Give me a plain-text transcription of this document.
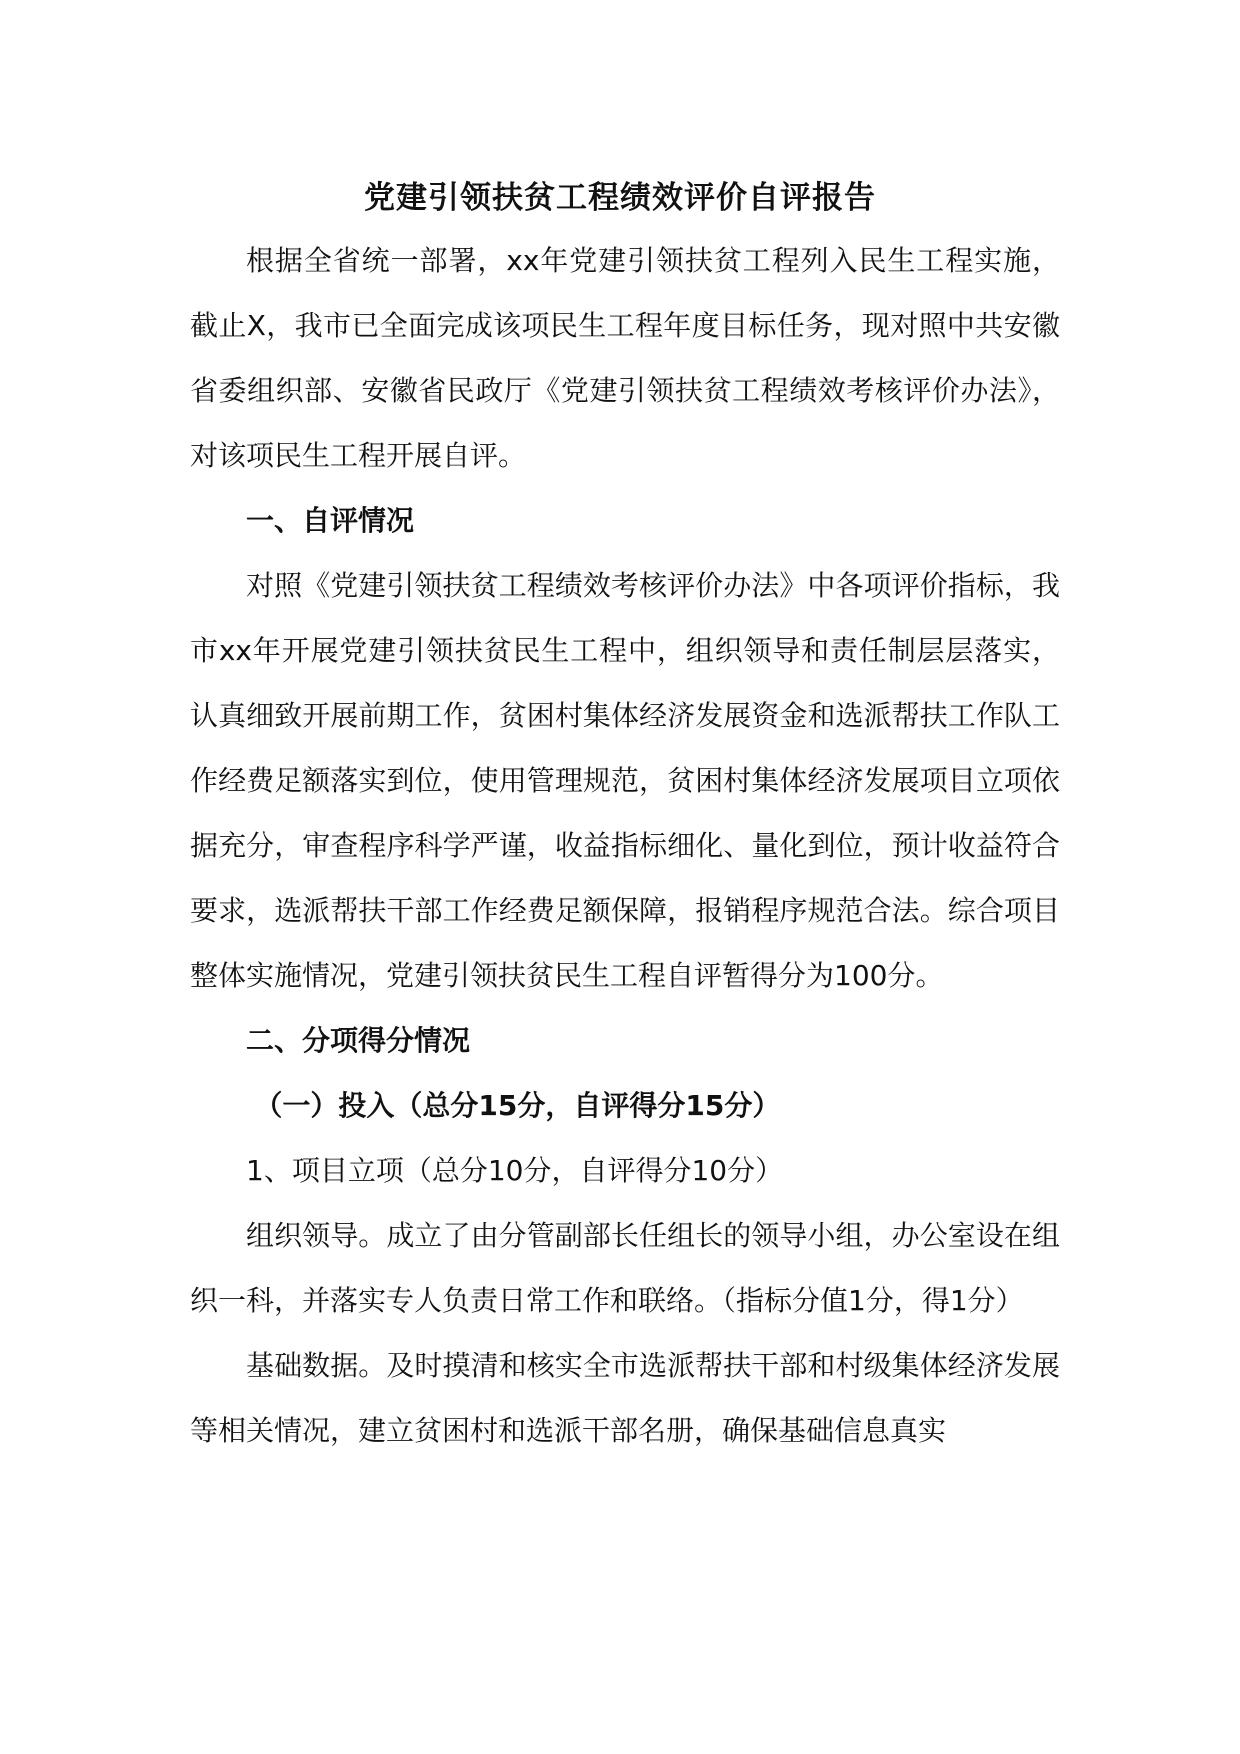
党建引领扶贫工程绩效评价自评报告

根据全省统一部署，xx年党建引领扶贫工程列入民生工程实施，截止X，我市已全面完成该项民生工程年度目标任务，现对照中共安徽省委组织部、安徽省民政厅《党建引领扶贫工程绩效考核评价办法》，对该项民生工程开展自评。

一、自评情况

对照《党建引领扶贫工程绩效考核评价办法》中各项评价指标，我市xx年开展党建引领扶贫民生工程中，组织领导和责任制层层落实，认真细致开展前期工作，贫困村集体经济发展资金和选派帮扶工作队工作经费足额落实到位，使用管理规范，贫困村集体经济发展项目立项依据充分，审查程序科学严谨，收益指标细化、量化到位，预计收益符合要求，选派帮扶干部工作经费足额保障，报销程序规范合法。综合项目整体实施情况，党建引领扶贫民生工程自评暂得分为100分。

二、分项得分情况

（一）投入（总分15分，自评得分15分）

1、项目立项（总分10分，自评得分10分）

组织领导。成立了由分管副部长任组长的领导小组，办公室设在组织一科，并落实专人负责日常工作和联络。（指标分值1分，得1分）

基础数据。及时摸清和核实全市选派帮扶干部和村级集体经济发展等相关情况，建立贫困村和选派干部名册，确保基础信息真实
